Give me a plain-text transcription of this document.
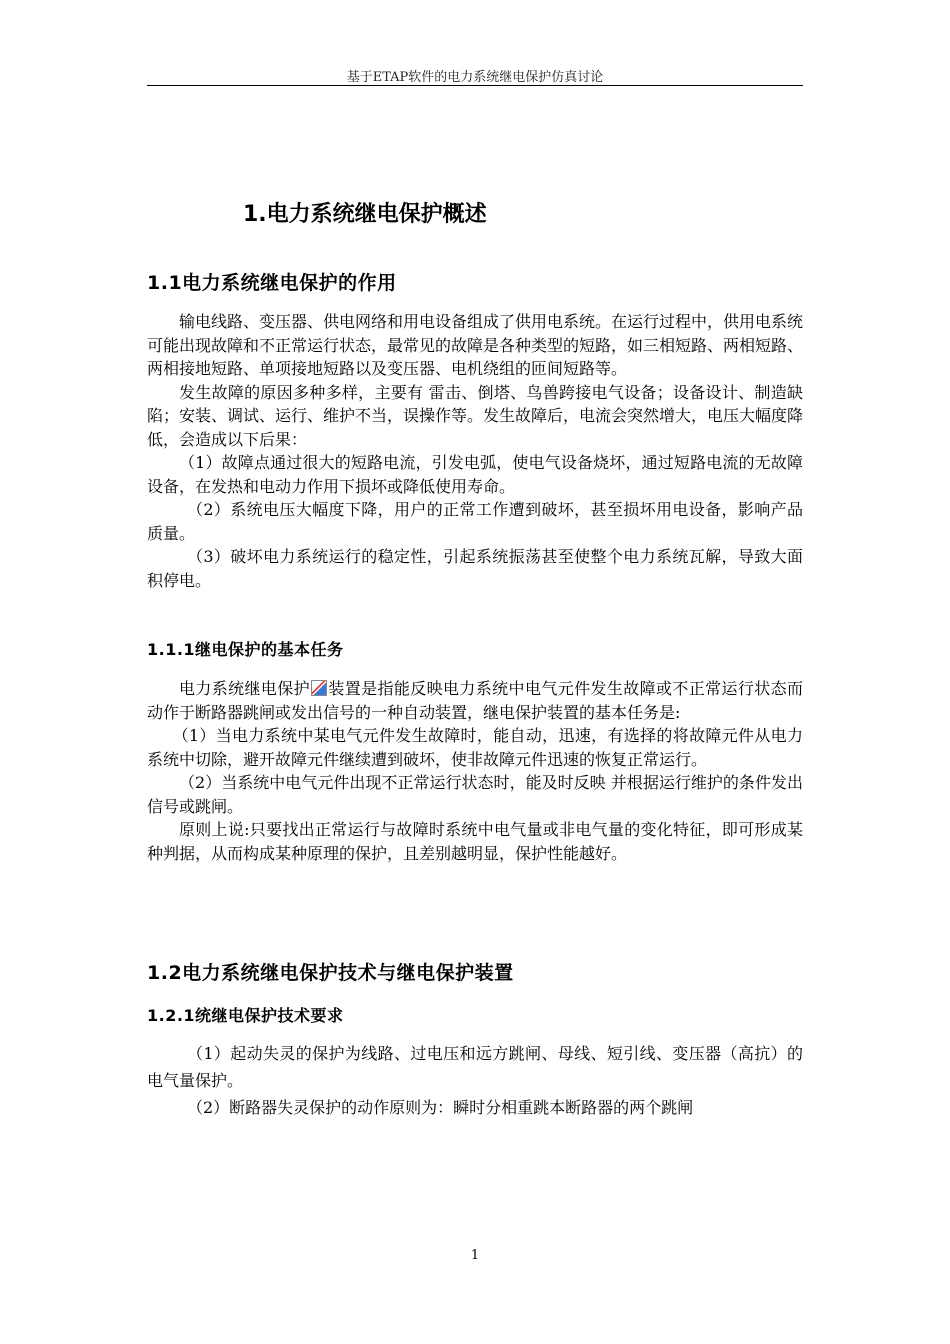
基于ETAP软件的电力系统继电保护仿真讨论
1.电力系统继电保护概述
1.1电力系统继电保护的作用
输电线路、变压器、供电网络和用电设备组成了供用电系统。在运行过程中，供用电系统可能出现故障和不正常运行状态，最常见的故障是各种类型的短路，如三相短路、两相短路、两相接地短路、单项接地短路以及变压器、电机绕组的匝间短路等。
发生故障的原因多种多样，主要有 雷击、倒塔、鸟兽跨接电气设备；设备设计、制造缺陷；安装、调试、运行、维护不当，误操作等。发生故障后，电流会突然增大，电压大幅度降低，会造成以下后果：
（1）故障点通过很大的短路电流，引发电弧，使电气设备烧坏，通过短路电流的无故障设备，在发热和电动力作用下损坏或降低使用寿命。
（2）系统电压大幅度下降，用户的正常工作遭到破坏，甚至损坏用电设备，影响产品质量。
（3）破坏电力系统运行的稳定性，引起系统振荡甚至使整个电力系统瓦解，导致大面积停电。
1.1.1继电保护的基本任务
电力系统继电保护 装置是指能反映电力系统中电气元件发生故障或不正常运行状态而动作于断路器跳闸或发出信号的一种自动装置，继电保护装置的基本任务是:
（1）当电力系统中某电气元件发生故障时，能自动，迅速，有选择的将故障元件从电力系统中切除，避开故障元件继续遭到破坏，使非故障元件迅速的恢复正常运行。
（2）当系统中电气元件出现不正常运行状态时，能及时反映 并根据运行维护的条件发出信号或跳闸。
原则上说:只要找出正常运行与故障时系统中电气量或非电气量的变化特征，即可形成某种判据，从而构成某种原理的保护，且差别越明显，保护性能越好。
1.2电力系统继电保护技术与继电保护装置
1.2.1统继电保护技术要求
（1）起动失灵的保护为线路、过电压和远方跳闸、母线、短引线、变压器（高抗）的电气量保护。
（2）断路器失灵保护的动作原则为：瞬时分相重跳本断路器的两个跳闸
1
